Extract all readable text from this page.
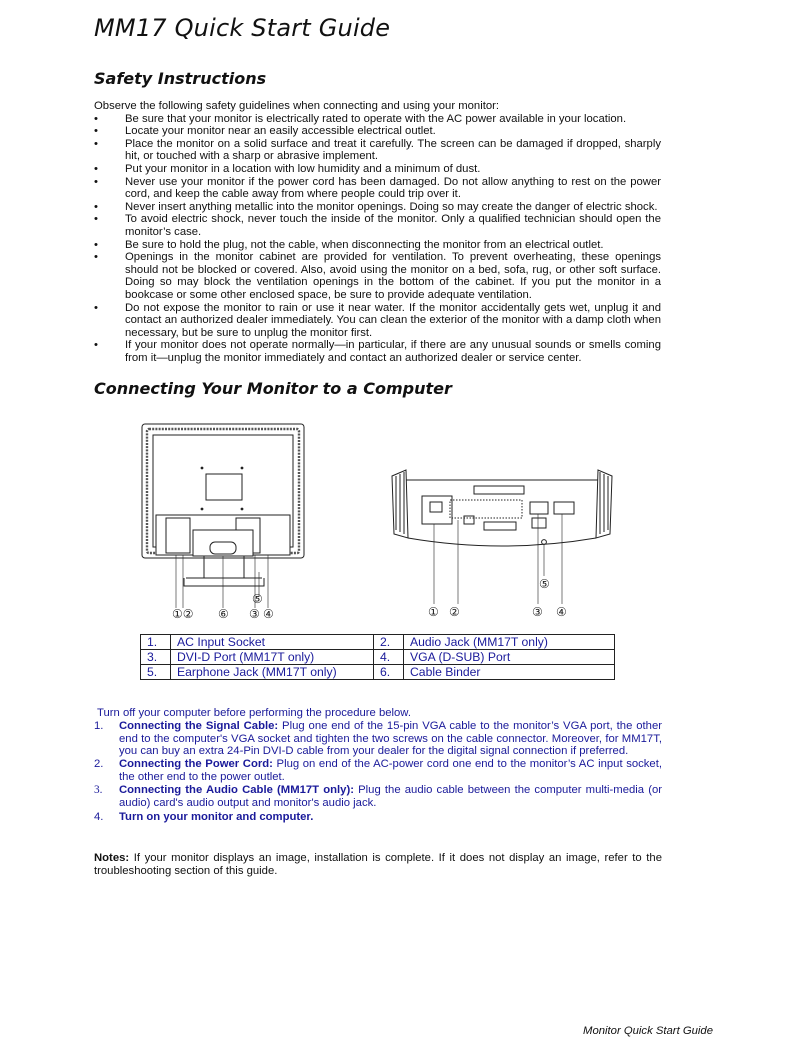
MM17 Quick Start Guide
Safety Instructions

Observe the following safety guidelines when connecting and using your monitor:

• Be sure that your monitor is electrically rated to operate with the AC power available in your location.
• Locate your monitor near an easily accessible electrical outlet.
• Place the monitor on a solid surface and treat it carefully. The screen can be damaged if dropped, sharply hit, or touched with a sharp or abrasive implement.
• Put your monitor in a location with low humidity and a minimum of dust.
• Never use your monitor if the power cord has been damaged. Do not allow anything to rest on the power cord, and keep the cable away from where people could trip over it.
• Never insert anything metallic into the monitor openings. Doing so may create the danger of electric shock.
• To avoid electric shock, never touch the inside of the monitor. Only a qualified technician should open the monitor’s case.
• Be sure to hold the plug, not the cable, when disconnecting the monitor from an electrical outlet.
• Openings in the monitor cabinet are provided for ventilation. To prevent overheating, these openings should not be blocked or covered. Also, avoid using the monitor on a bed, sofa, rug, or other soft surface. Doing so may block the ventilation openings in the bottom of the cabinet. If you put the monitor in a bookcase or some other enclosed space, be sure to provide adequate ventilation.
• Do not expose the monitor to rain or use it near water. If the monitor accidentally gets wet, unplug it and contact an authorized dealer immediately. You can clean the exterior of the monitor with a damp cloth when necessary, but be sure to unplug the monitor first.
• If your monitor does not operate normally—in particular, if there are any unusual sounds or smells coming from it—unplug the monitor immediately and contact an authorized dealer or service center.
Connecting Your Monitor to a Computer
①② ⑥ ③ ④
⑤
① ②	③ ④
⑤
1.	AC Input Socket	2.	Audio Jack (MM17T only)
3.	DVI-D Port (MM17T only)	4.	VGA (D-SUB) Port
5.	Earphone Jack (MM17T only)	6.	Cable Binder

Turn off your computer before performing the procedure below.

1. Connecting the Signal Cable: Plug one end of the 15-pin VGA cable to the monitor’s VGA port, the other end to the computer's VGA socket and tighten the two screws on the cable connector. Moreover, for MM17T, you can buy an extra 24-Pin DVI-D cable from your dealer for the digital signal connection if preferred.
2. Connecting the Power Cord: Plug on end of the AC-power cord one end to the monitor’s AC input socket, the other end to the power outlet.
3. Connecting the Audio Cable (MM17T only): Plug the audio cable between the computer multi-media (or audio) card's audio output and monitor's audio jack.
4. Turn on your monitor and computer.
Notes: If your monitor displays an image, installation is complete. If it does not display an image, refer to the troubleshooting section of this guide.
Monitor Quick Start Guide
